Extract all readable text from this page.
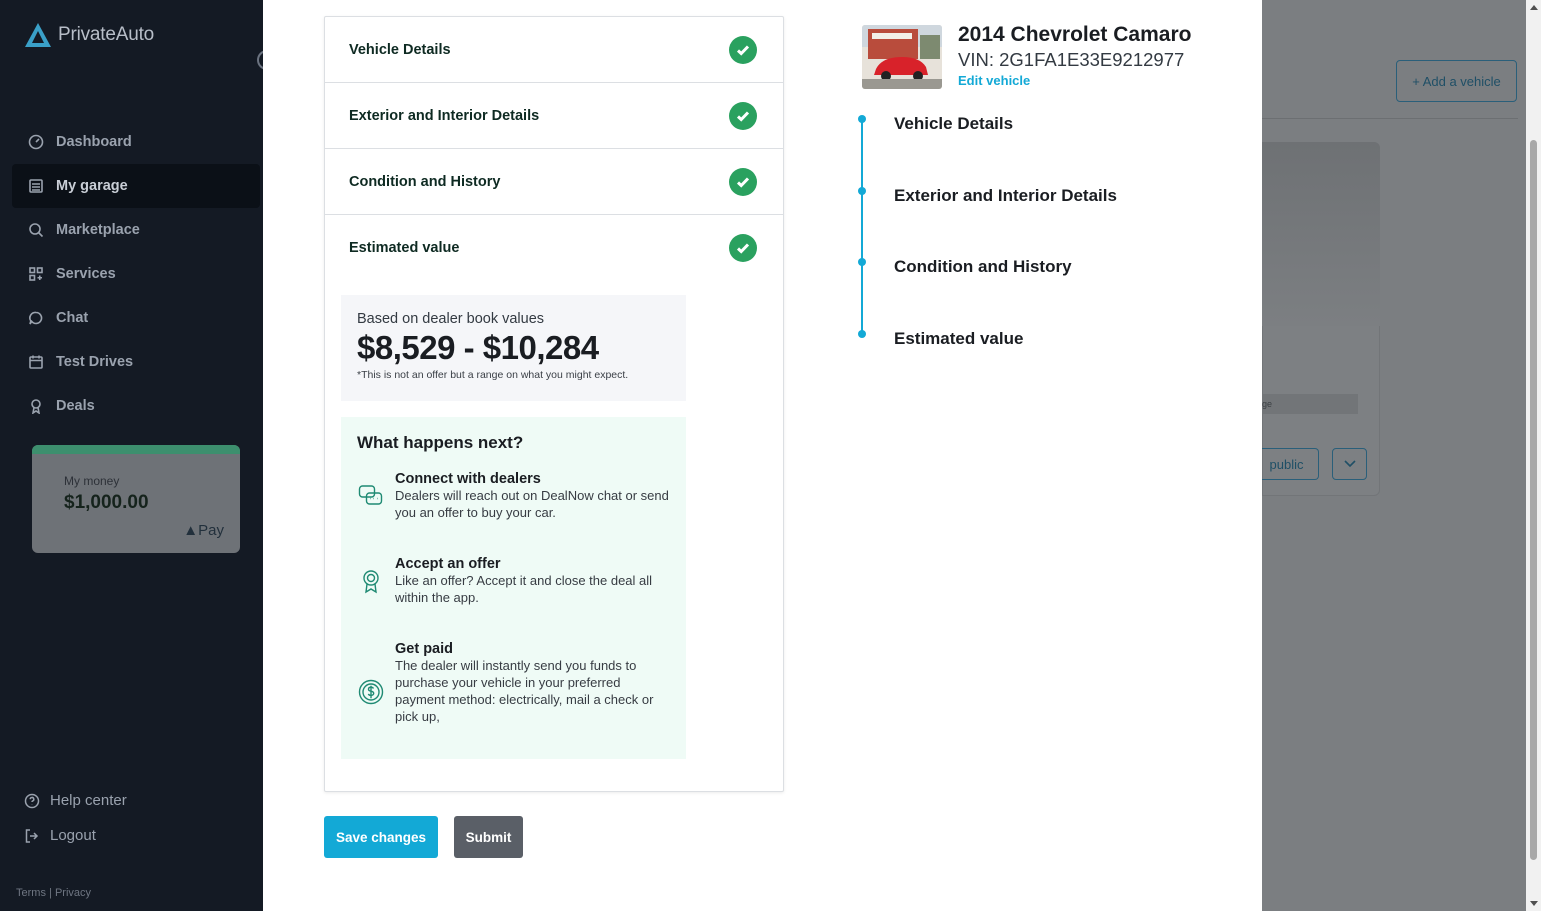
PrivateAuto
Dashboard
My garage
Marketplace
Services
Chat
Test Drives
Deals
My money
$1,000.00
▲Pay
Help center
Logout
Terms | Privacy
+ Add a vehicle
ge
public
Vehicle Details
Exterior and Interior Details
Condition and History
Estimated value
Based on dealer book values
$8,529 - $10,284
*This is not an offer but a range on what you might expect.
What happens next?
Connect with dealers
Dealers will reach out on DealNow chat or send you an offer to buy your car.
Accept an offer
Like an offer? Accept it and close the deal all within the app.
Get paid
The dealer will instantly send you funds to purchase your vehicle in your preferred payment method: electrically, mail a check or pick up,
Save changes	Submit
2014 Chevrolet Camaro
VIN: 2G1FA1E33E9212977
Edit vehicle
Vehicle Details
Exterior and Interior Details
Condition and History
Estimated value
